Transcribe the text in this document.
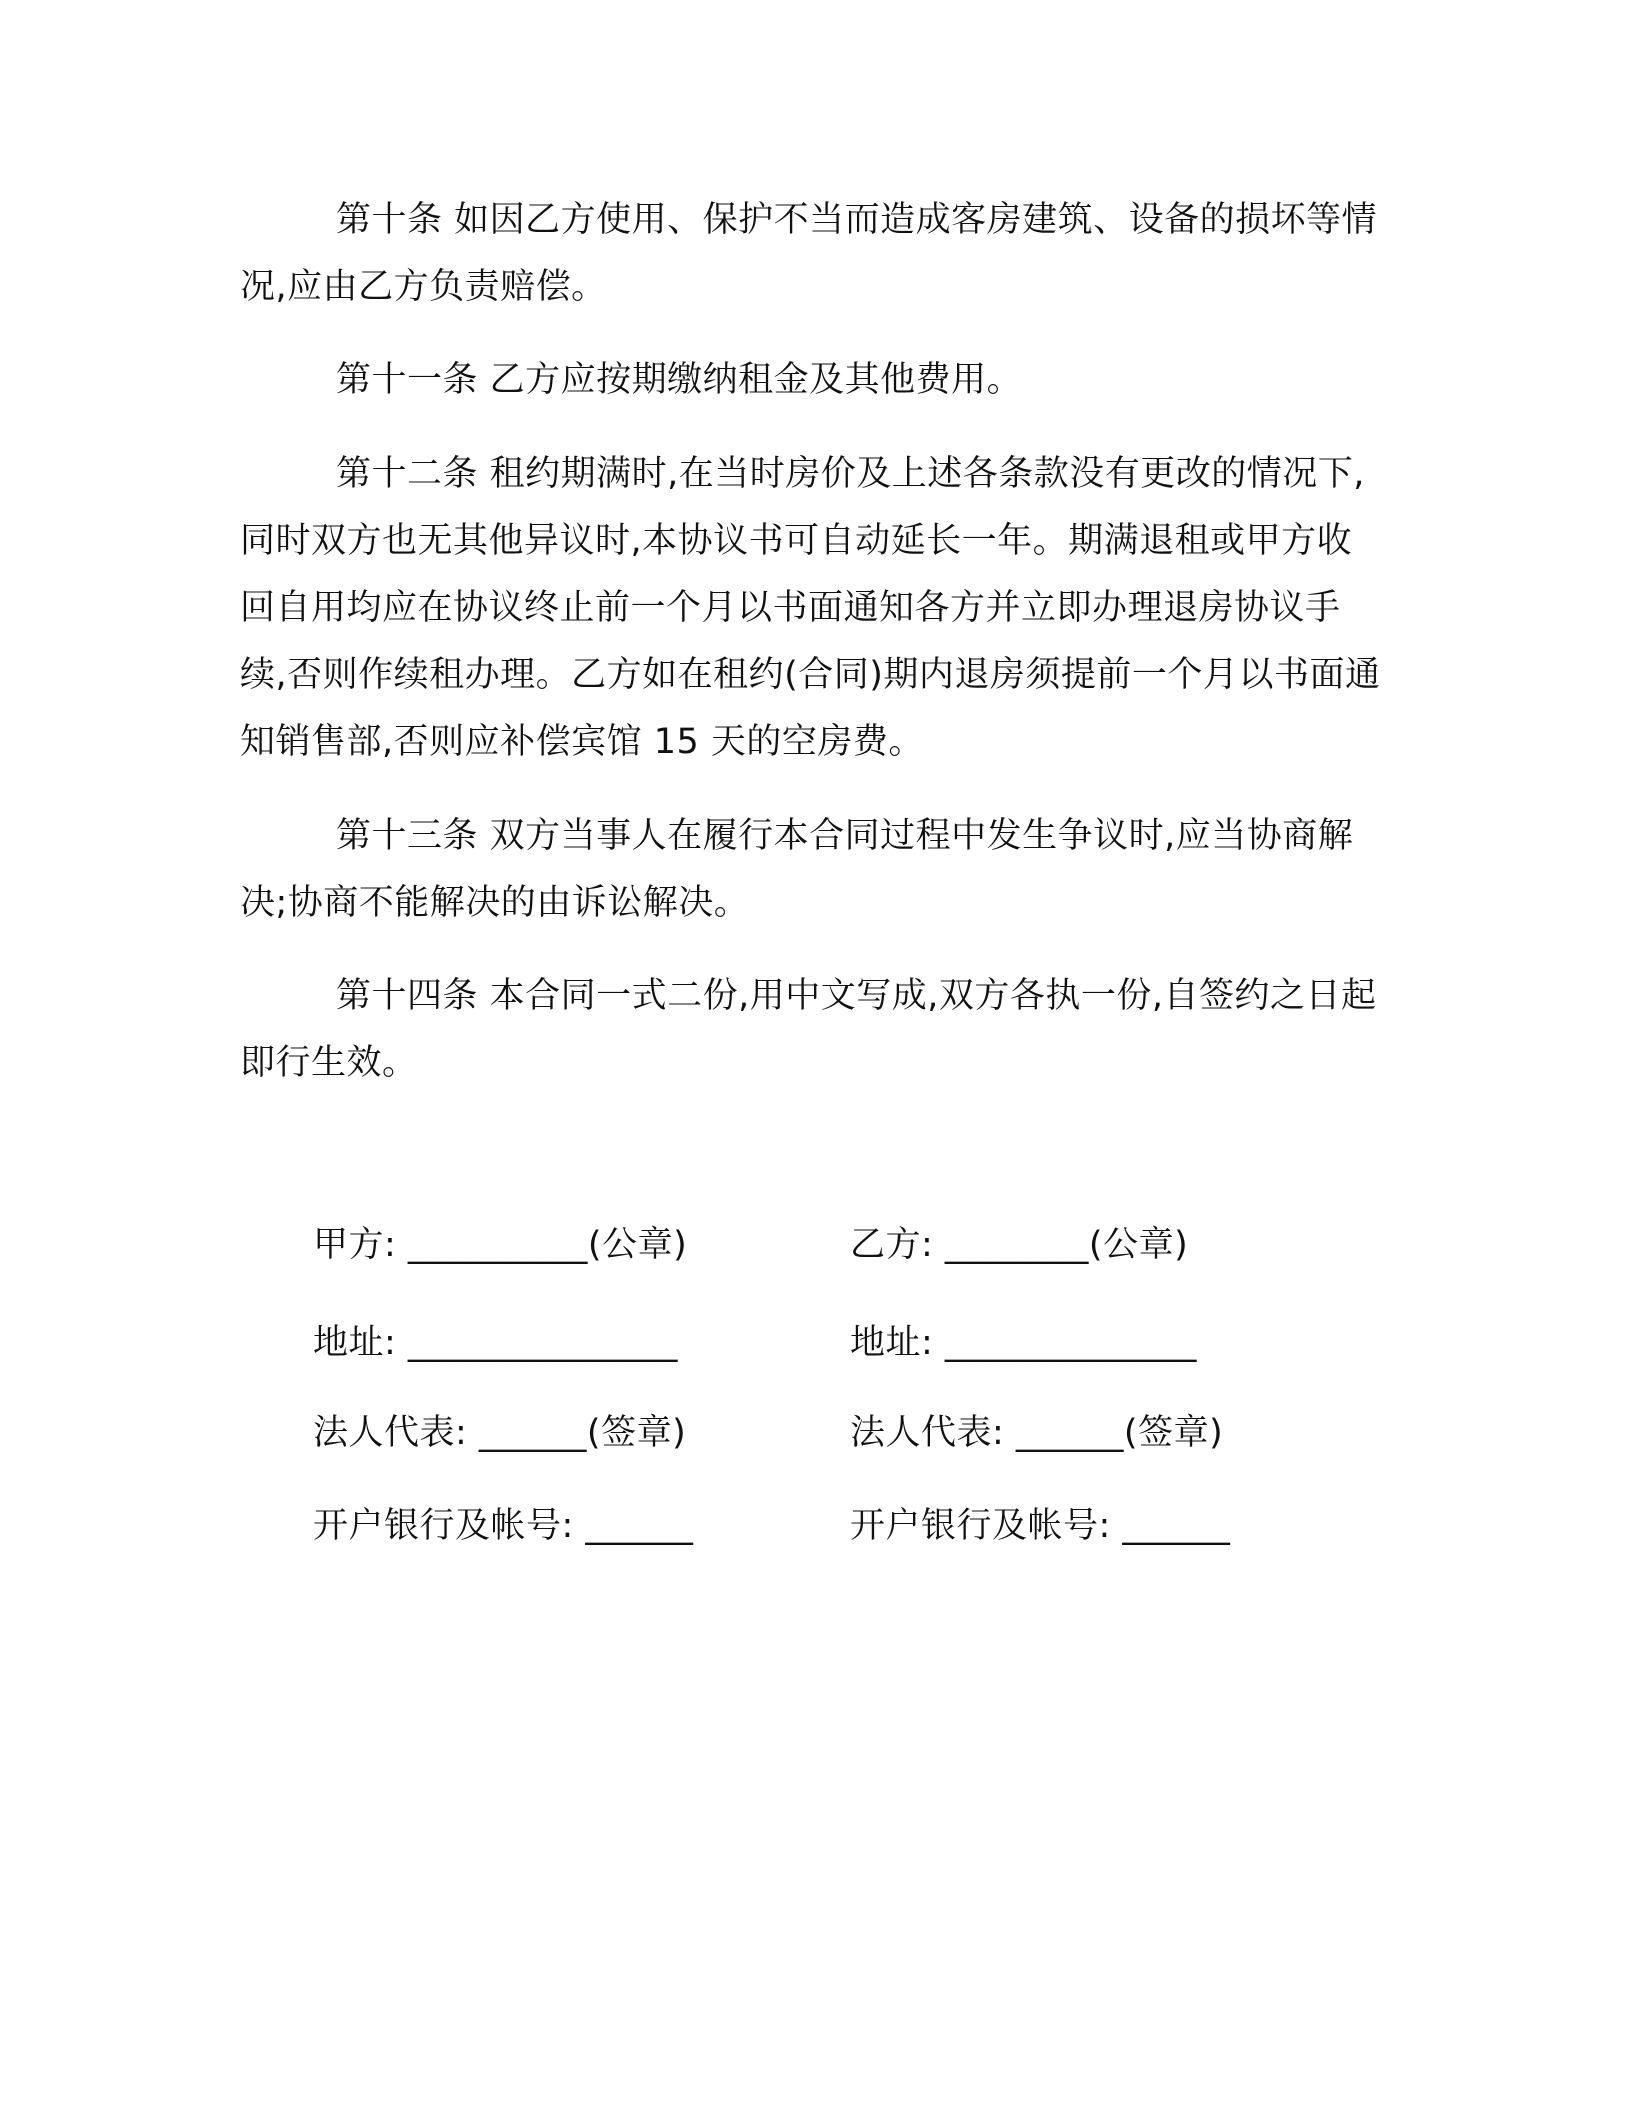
第十条 如因乙方使用、保护不当而造成客房建筑、设备的损坏等情况,应由乙方负责赔偿。

第十一条 乙方应按期缴纳租金及其他费用。

第十二条 租约期满时,在当时房价及上述各条款没有更改的情况下,同时双方也无其他异议时,本协议书可自动延长一年。期满退租或甲方收回自用均应在协议终止前一个月以书面通知各方并立即办理退房协议手续,否则作续租办理。乙方如在租约(合同)期内退房须提前一个月以书面通知销售部,否则应补偿宾馆 15 天的空房费。

第十三条 双方当事人在履行本合同过程中发生争议时,应当协商解决;协商不能解决的由诉讼解决。

第十四条 本合同一式二份,用中文写成,双方各执一份,自签约之日起即行生效。

甲方: __________(公章)	乙方: ________(公章)

地址: _______________	地址: ______________

法人代表: ______(签章)	法人代表: ______(签章)

开户银行及帐号: ______	开户银行及帐号: ______
